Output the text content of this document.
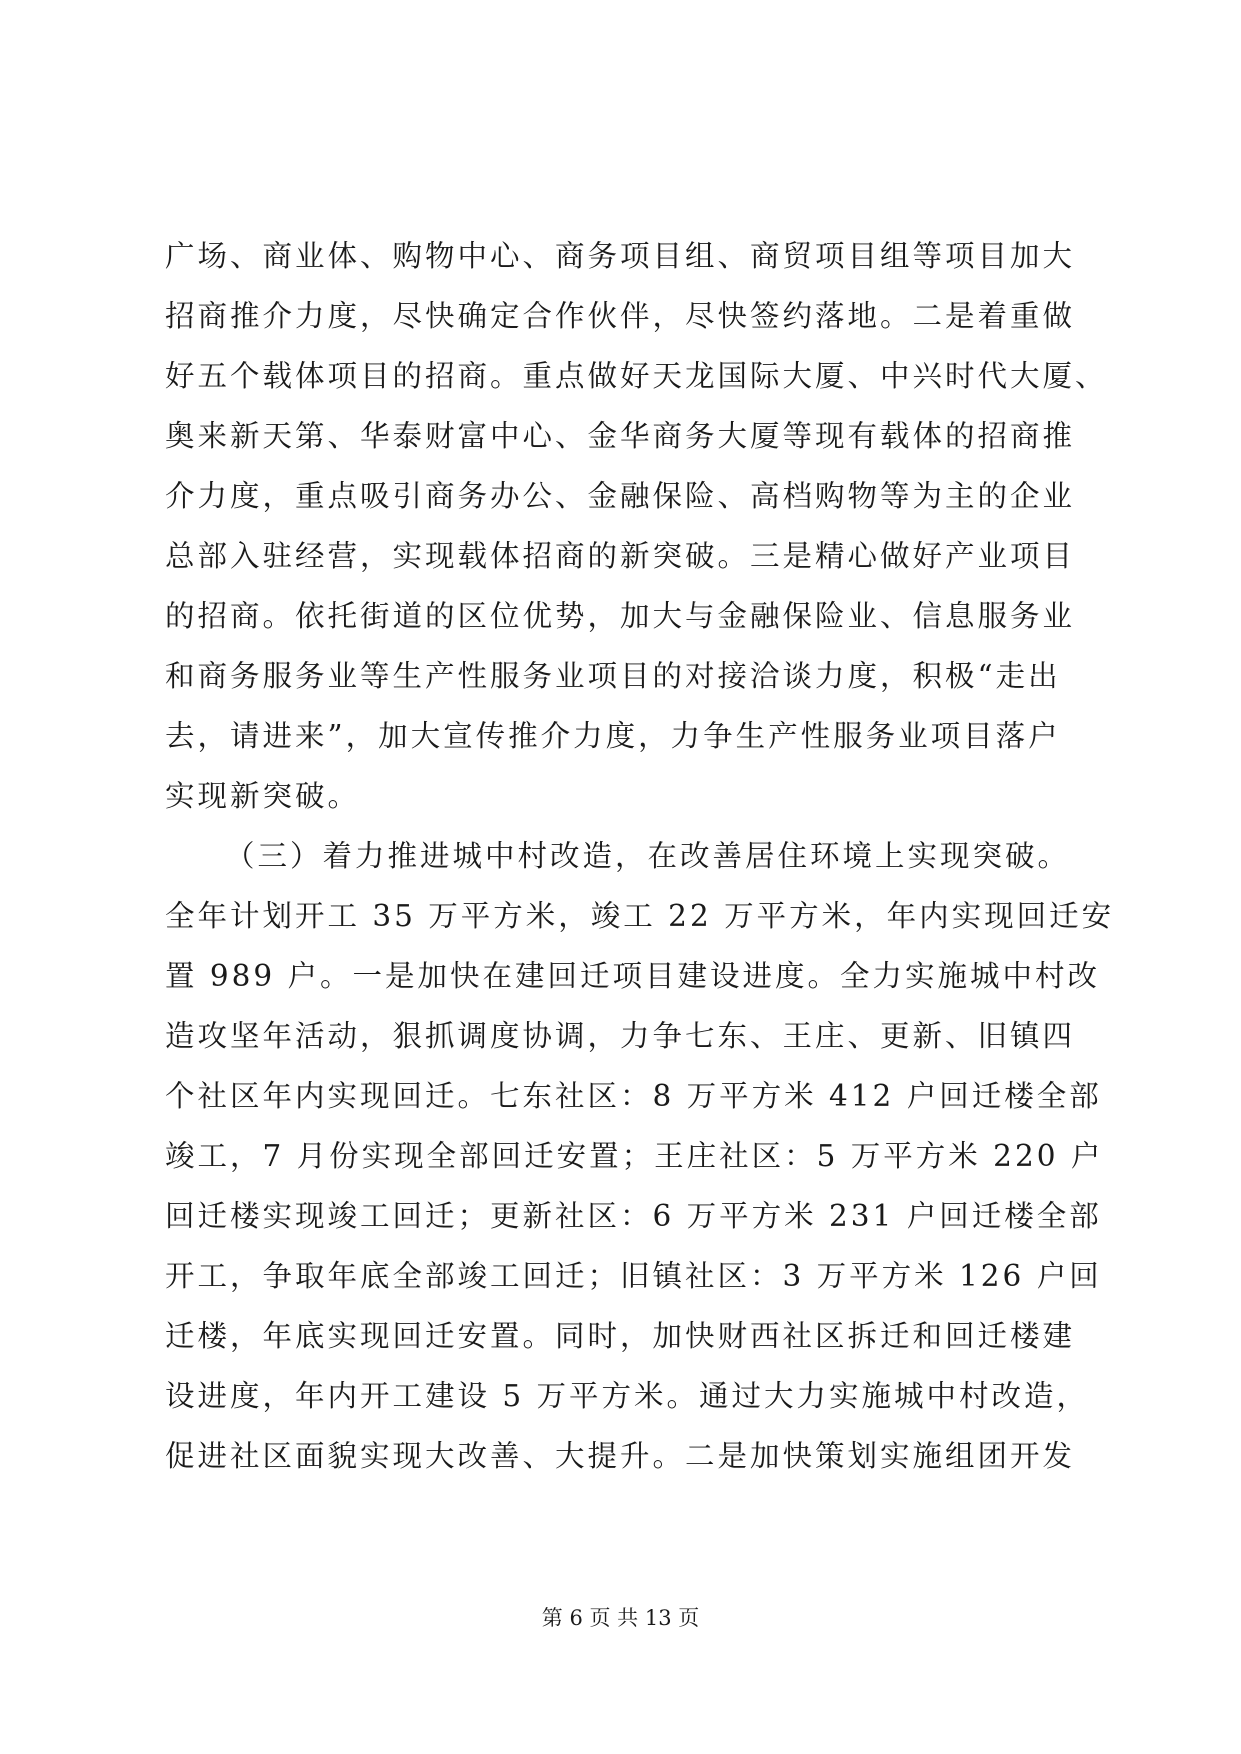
广场、商业体、购物中心、商务项目组、商贸项目组等项目加大
招商推介力度，尽快确定合作伙伴，尽快签约落地。二是着重做
好五个载体项目的招商。重点做好天龙国际大厦、中兴时代大厦、
奥来新天第、华泰财富中心、金华商务大厦等现有载体的招商推
介力度，重点吸引商务办公、金融保险、高档购物等为主的企业
总部入驻经营，实现载体招商的新突破。三是精心做好产业项目
的招商。依托街道的区位优势，加大与金融保险业、信息服务业
和商务服务业等生产性服务业项目的对接洽谈力度，积极“走出
去，请进来”，加大宣传推介力度，力争生产性服务业项目落户
实现新突破。
（三）着力推进城中村改造，在改善居住环境上实现突破。
全年计划开工 35 万平方米，竣工 22 万平方米，年内实现回迁安
置 989 户。一是加快在建回迁项目建设进度。全力实施城中村改
造攻坚年活动，狠抓调度协调，力争七东、王庄、更新、旧镇四
个社区年内实现回迁。七东社区：8 万平方米 412 户回迁楼全部
竣工，7 月份实现全部回迁安置；王庄社区：5 万平方米 220 户
回迁楼实现竣工回迁；更新社区：6 万平方米 231 户回迁楼全部
开工，争取年底全部竣工回迁；旧镇社区：3 万平方米 126 户回
迁楼，年底实现回迁安置。同时，加快财西社区拆迁和回迁楼建
设进度，年内开工建设 5 万平方米。通过大力实施城中村改造，
促进社区面貌实现大改善、大提升。二是加快策划实施组团开发
第 6 页 共 13 页
